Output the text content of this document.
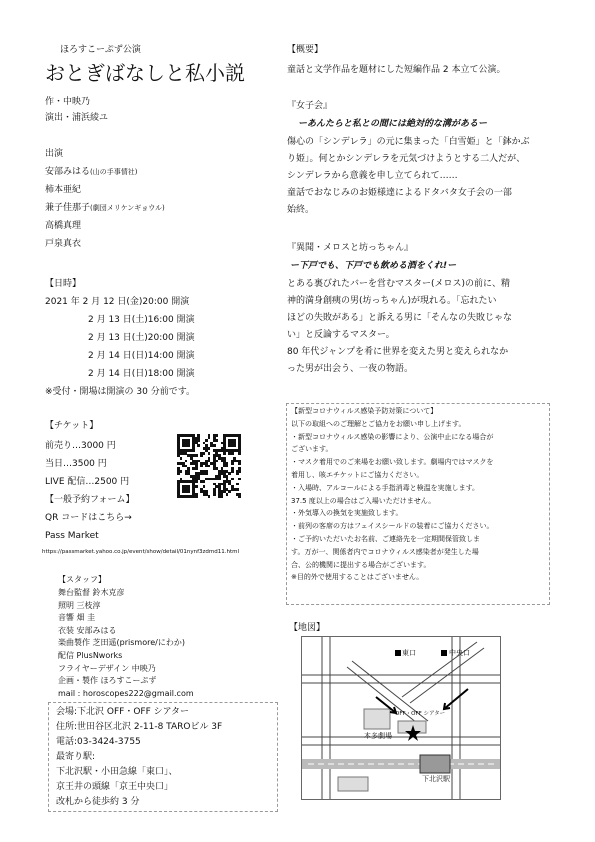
ほろすこーぷず公演
おとぎばなしと私小説
作・中映乃
演出・浦浜綾ユ
出演
安部みはる(山の手事情社)
柿本亜紀
兼子佳那子(劇団メリケンギョウル)
高橋真理
戸泉真衣
【日時】
2021 年 2 月 12 日(金)20:00 開演
2 月 13 日(土)16:00 開演
2 月 13 日(土)20:00 開演
2 月 14 日(日)14:00 開演
2 月 14 日(日)18:00 開演
※受付・開場は開演の 30 分前です。
【チケット】
前売り…3000 円
当日…3500 円
LIVE 配信…2500 円
【一般予約フォーム】
QR コードはこちら→
Pass Market
https://passmarket.yahoo.co.jp/event/show/detail/01nynf3zdmd11.html
【スタッフ】
舞台監督 鈴木克彦
照明 三枝淳
音響 畑 圭
衣装 安部みはる
楽曲製作 芝田遥(prismore/にわか)
配信 PlusNworks
フライヤーデザイン 中映乃
企画・製作 ほろすこーぷず
mail : horoscopes222@gmail.com
会場:下北沢 OFF・OFF シアター
住所:世田谷区北沢 2-11-8 TAROビル 3F
電話:03-3424-3755
最寄り駅:
下北沢駅・小田急線「東口」、
京王井の頭線「京王中央口」
改札から徒歩約 3 分
【概要】
童話と文学作品を題材にした短編作品 2 本立て公演。
『女子会』
ーあんたらと私との間には絶対的な溝があるー
傷心の「シンデレラ」の元に集まった「白雪姫」と「鉢かぶ
り姫」。何とかシンデレラを元気づけようとする二人だが、
シンデレラから意義を申し立てられて……
童話でおなじみのお姫様達によるドタバタ女子会の一部
始終。
『異聞・メロスと坊っちゃん』
ー下戸でも、下戸でも飲める酒をくれ!ー
とある裏びれたバーを営むマスター(メロス)の前に、精
神的満身創痍の男(坊っちゃん)が現れる。「忘れたい
ほどの失敗がある」と訴える男に「そんなの失敗じゃな
い」と反論するマスター。
80 年代ジャンプを肴に世界を変えた男と変えられなか
った男が出会う、一夜の物語。
【新型コロナウィルス感染予防対策について】
以下の取組へのご理解とご協力をお願い申し上げます。
・新型コロナウィルス感染の影響により、公演中止になる場合が
ございます。
・マスク着用でのご来場をお願い致します。劇場内ではマスクを
着用し、咳エチケットにご協力ください。
・入場時、アルコールによる手指消毒と検温を実施します。
37.5 度以上の場合はご入場いただけません。
・外気導入の換気を実施致します。
・前列の客席の方はフェイスシールドの装着にご協力ください。
・ご予約いただいたお名前、ご連絡先を一定期間保管致しま
す。万が一、関係者内でコロナウィルス感染者が発生した場
合、公的機関に提出する場合がございます。
※目的外で使用することはございません。
【地図】
東口	中央口
本多劇場
OFF・OFF シアター
下北沢駅
